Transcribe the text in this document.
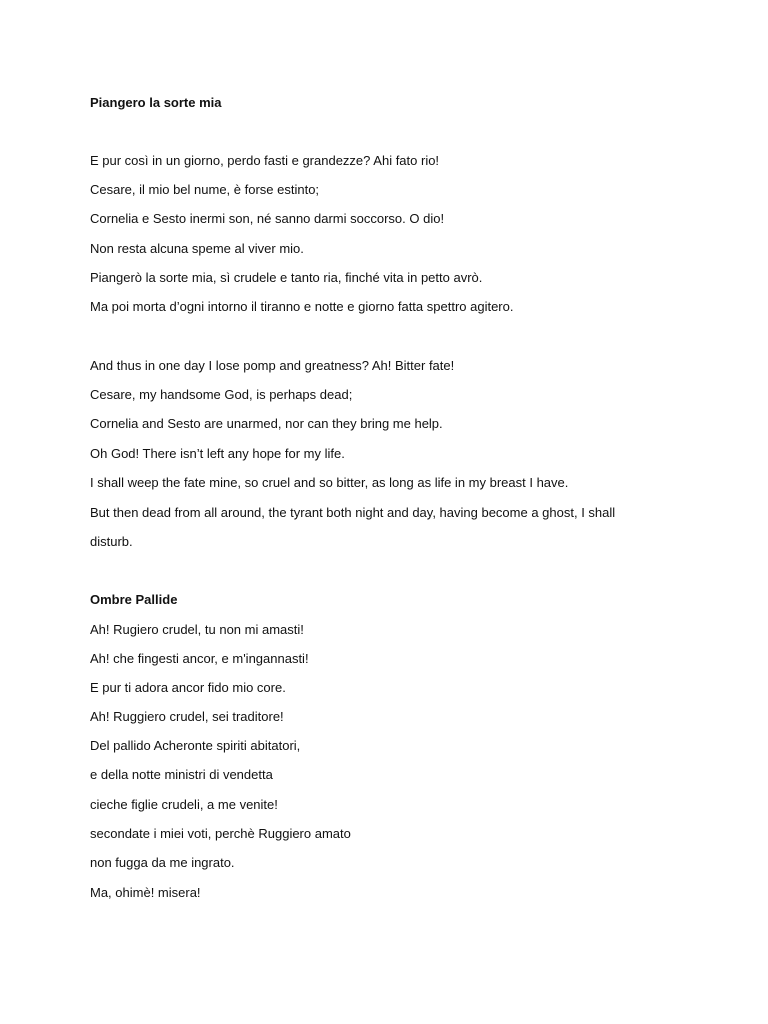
Piangero la sorte mia

E pur così in un giorno, perdo fasti e grandezze? Ahi fato rio!

Cesare, il mio bel nume, è forse estinto;

Cornelia e Sesto inermi son, né sanno darmi soccorso. O dio!

Non resta alcuna speme al viver mio.

Piangerò la sorte mia, sì crudele e tanto ria, finché vita in petto avrò.

Ma poi morta d’ogni intorno il tiranno e notte e giorno fatta spettro agitero.

And thus in one day I lose pomp and greatness? Ah! Bitter fate!

Cesare, my handsome God, is perhaps dead;

Cornelia and Sesto are unarmed, nor can they bring me help.

Oh God! There isn’t left any hope for my life.

I shall weep the fate mine, so cruel and so bitter, as long as life in my breast I have.

But then dead from all around, the tyrant both night and day, having become a ghost, I shall

disturb.

Ombre Pallide

Ah! Rugiero crudel, tu non mi amasti!

Ah! che fingesti ancor, e m'ingannasti!

E pur ti adora ancor fido mio core.

Ah! Ruggiero crudel, sei traditore!

Del pallido Acheronte spiriti abitatori,

e della notte ministri di vendetta

cieche figlie crudeli, a me venite!

secondate i miei voti, perchè Ruggiero amato

non fugga da me ingrato.

Ma, ohimè! misera!
